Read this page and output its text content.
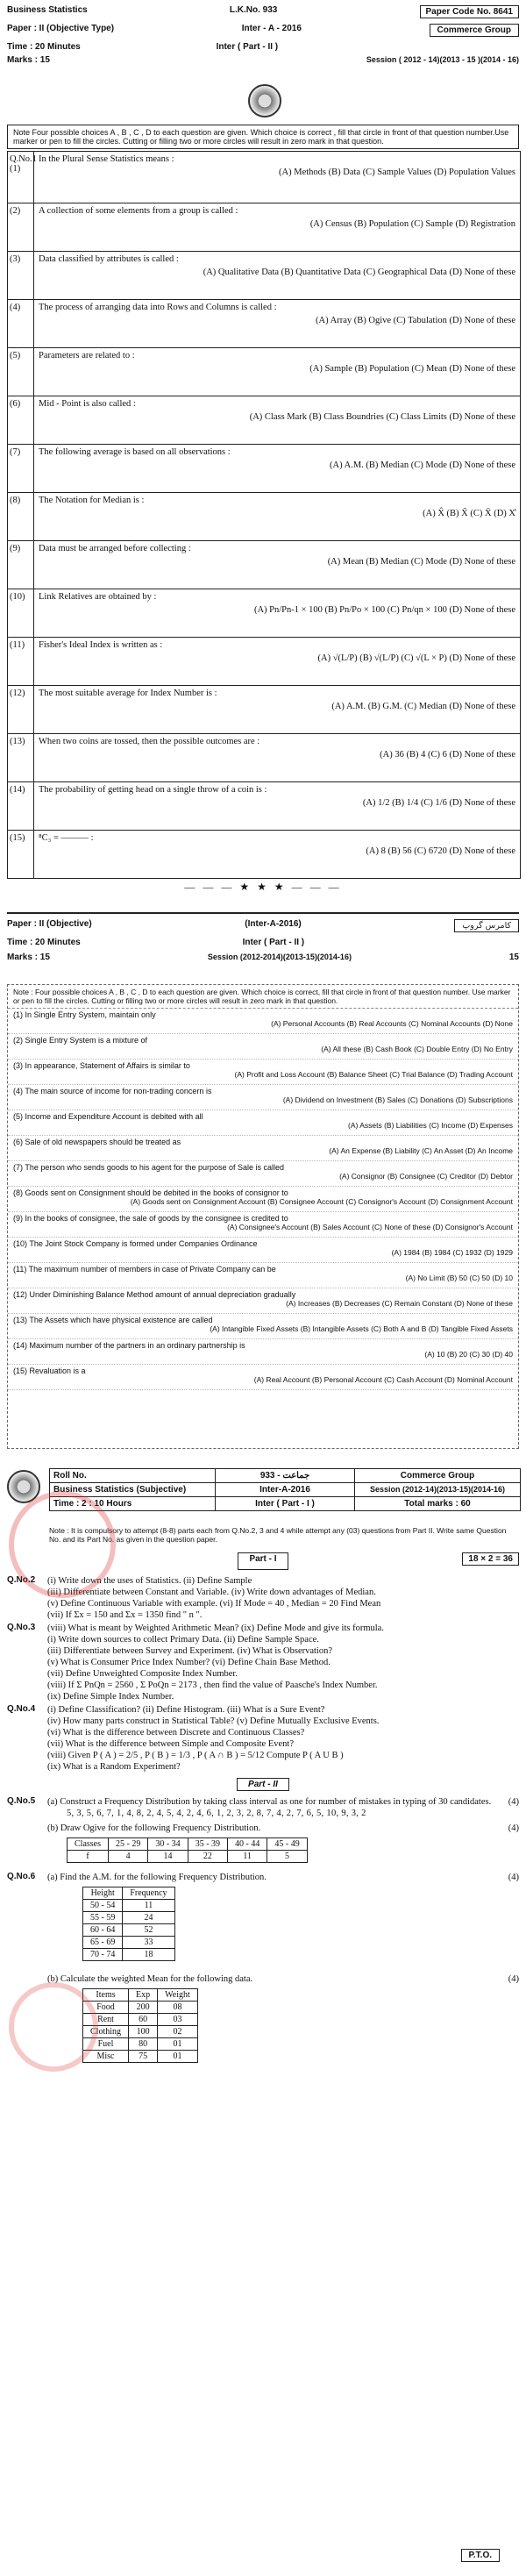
Business Statistics	L.K.No. 933	Paper Code No. 8641
Paper : II (Objective Type)	Inter - A - 2016	Commerce Group
Time : 20 Minutes	Inter ( Part - II )
Marks : 15	Session ( 2012 - 14)(2013 - 15 )(2014 - 16)
Note Four possible choices A , B , C , D to each question are given. Which choice is correct , fill that circle in front of that question number.Use marker or pen to fill the circles. Cutting or filling two or more circles will result in zero mark in that question.
Q.No.1 (1)
In the Plural Sense Statistics means :
(A) Methods (B) Data (C) Sample Values (D) Population Values
(2)	A collection of some elements from a group is called :
(A) Census (B) Population (C) Sample (D) Registration
(3)	Data classified by attributes is called :
(A) Qualitative Data (B) Quantitative Data (C) Geographical Data (D) None of these
(4)	The process of arranging data into Rows and Columns is called :
(A) Array (B) Ogive (C) Tabulation (D) None of these
(5)	Parameters are related to :
(A) Sample (B) Population (C) Mean (D) None of these
(6)	Mid - Point is also called :
(A) Class Mark (B) Class Boundries (C) Class Limits (D) None of these
(7)	The following average is based on all observations :
(A) A.M. (B) Median (C) Mode (D) None of these
(8)	The Notation for Median is :
(A) X̂ (B) X̃ (C) X̄ (D) X̊
(9)	Data must be arranged before collecting :
(A) Mean (B) Median (C) Mode (D) None of these
(10)	Link Relatives are obtained by :
(A) Pn/Pn-1 × 100 (B) Pn/Po × 100 (C) Pn/qn × 100 (D) None of these
(11)	Fisher's Ideal Index is written as :
(A) √(L/P) (B) √(L/P) (C) √(L × P) (D) None of these
(12)	The most suitable average for Index Number is :
(A) A.M. (B) G.M. (C) Median (D) None of these
(13)	When two coins are tossed, then the possible outcomes are :
(A) 36 (B) 4 (C) 6 (D) None of these
(14)	The probability of getting head on a single throw of a coin is :
(A) 1/2 (B) 1/4 (C) 1/6 (D) None of these
(15)	⁸C₃ = ——— :
(A) 8 (B) 56 (C) 6720 (D) None of these
— — — ★ ★ ★ — — —
Paper : II (Objective)	(Inter-A-2016)	کامرس گروپ
Time : 20 Minutes	Inter ( Part - II )
Marks : 15	Session (2012-2014)(2013-15)(2014-16)	15
Note : Four possible choices A , B , C , D to each question are given. Which choice is correct, fill that circle in front of that question number. Use marker or pen to fill the circles. Cutting or filling two or more circles will result in zero mark in that question.
(1) In Single Entry System, maintain only
(A) Personal Accounts (B) Real Accounts (C) Nominal Accounts (D) None
(2) Single Entry System is a mixture of
(A) All these (B) Cash Book (C) Double Entry (D) No Entry
(3) In appearance, Statement of Affairs is similar to
(A) Profit and Loss Account (B) Balance Sheet (C) Trial Balance (D) Trading Account
(4) The main source of income for non-trading concern is
(A) Dividend on Investment (B) Sales (C) Donations (D) Subscriptions
(5) Income and Expenditure Account is debited with all
(A) Assets (B) Liabilities (C) Income (D) Expenses
(6) Sale of old newspapers should be treated as
(A) An Expense (B) Liability (C) An Asset (D) An Income
(7) The person who sends goods to his agent for the purpose of Sale is called
(A) Consignor (B) Consignee (C) Creditor (D) Debtor
(8) Goods sent on Consignment should be debited in the books of consignor to
(A) Goods sent on Consignment Account (B) Consignee Account (C) Consignor's Account (D) Consignment Account
(9) In the books of consignee, the sale of goods by the consignee is credited to
(A) Consignee's Account (B) Sales Account (C) None of these (D) Consignor's Account
(10) The Joint Stock Company is formed under Companies Ordinance
(A) 1984 (B) 1984 (C) 1932 (D) 1929
(11) The maximum number of members in case of Private Company can be
(A) No Limit (B) 50 (C) 50 (D) 10
(12) Under Diminishing Balance Method amount of annual depreciation gradually
(A) Increases (B) Decreases (C) Remain Constant (D) None of these
(13) The Assets which have physical existence are called
(A) Intangible Fixed Assets (B) Intangible Assets (C) Both A and B (D) Tangible Fixed Assets
(14) Maximum number of the partners in an ordinary partnership is
(A) 10 (B) 20 (C) 30 (D) 40
(15) Revaluation is a
(A) Real Account (B) Personal Account (C) Cash Account (D) Nominal Account
Roll No.	933 - جماعت	Commerce Group
Business Statistics (Subjective)	Inter-A-2016	Session (2012-14)(2013-15)(2014-16)
Time : 2 : 10 Hours	Inter ( Part - I )	Total marks : 60
Note : It is compulsory to attempt (8-8) parts each from Q.No.2, 3 and 4 while attempt any (03) questions from Part II. Write same Question No. and its Part No. as given in the question paper.
Part - I	18 × 2 = 36
Q.No.2	(i) Write down the uses of Statistics. (ii) Define Sample
(iii) Differentiate between Constant and Variable. (iv) Write down advantages of Median.
(v) Define Continuous Variable with example. (vi) If Mode = 40 , Median = 20 Find Mean
(vii) If Σx = 150 and Σx = 1350 find " n ".
Q.No.3	(viii) What is meant by Weighted Arithmetic Mean? (ix) Define Mode and give its formula.
(i) Write down sources to collect Primary Data. (ii) Define Sample Space.
(iii) Differentiate between Survey and Experiment. (iv) What is Observation?
(v) What is Consumer Price Index Number? (vi) Define Chain Base Method.
(vii) Define Unweighted Composite Index Number.
(viii) If Σ PnQn = 2560 , Σ PoQn = 2173 , then find the value of Paasche's Index Number.
(ix) Define Simple Index Number.
Q.No.4	(i) Define Classification? (ii) Define Histogram. (iii) What is a Sure Event?
(iv) How many parts construct in Statistical Table? (v) Define Mutually Exclusive Events.
(vi) What is the difference between Discrete and Continuous Classes?
(vii) What is the difference between Simple and Composite Event?
(viii) Given P ( A ) = 2/5 , P ( B ) = 1/3 , P ( A ∩ B ) = 5/12 Compute P ( A U B )
(ix) What is a Random Experiment?
Part - II
Q.No.5	(a) Construct a Frequency Distribution by taking class interval as one for number of mistakes in typing of 30 candidates.	(4)
5, 3, 5, 6, 7, 1, 4, 8, 2, 4, 5, 4, 2, 4, 6, 1, 2, 3, 2, 8, 7, 4, 2, 7, 6, 5, 10, 9, 3, 2
(b) Draw Ogive for the following Frequency Distribution.	(4)
Classes	25 - 29	30 - 34	35 - 39	40 - 44	45 - 49
f	4	14	22	11	5
Q.No.6	(a) Find the A.M. for the following Frequency Distribution.	(4)
Height	Frequency
50 - 54	11
55 - 59	24
60 - 64	52
65 - 69	33
70 - 74	18
(b) Calculate the weighted Mean for the following data.	(4)
Items	Exp	Weight
Food	200	08
Rent	60	03
Clothing	100	02
Fuel	80	01
Misc	75	01
P.T.O.
